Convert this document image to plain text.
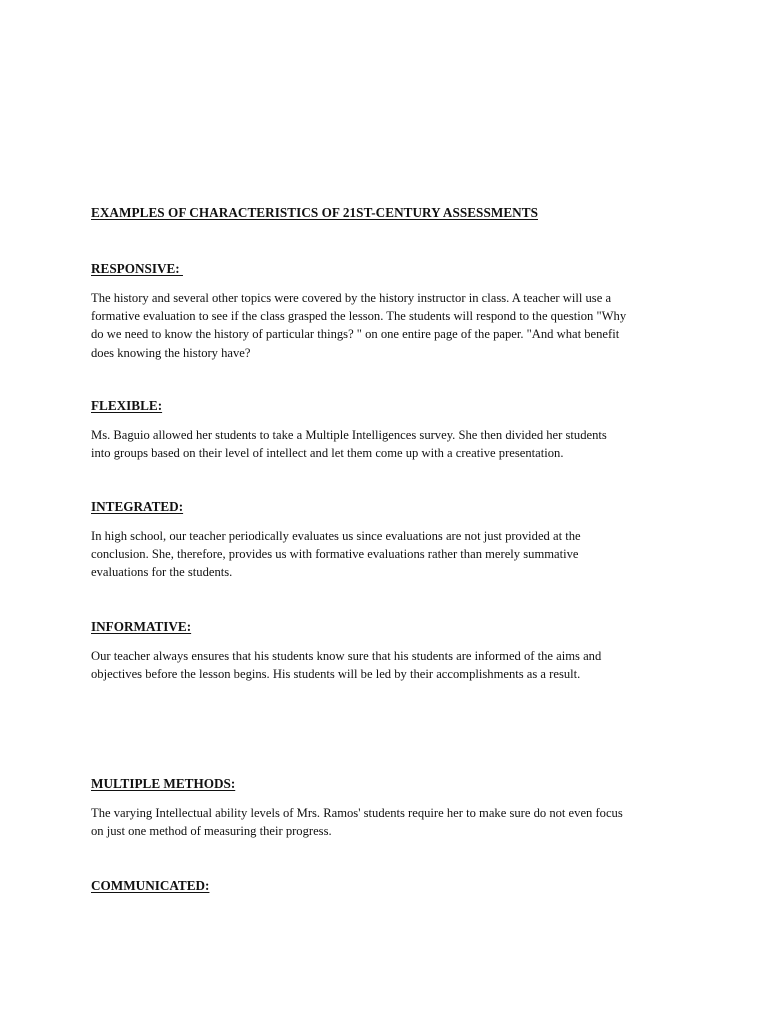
EXAMPLES OF CHARACTERISTICS OF 21ST-CENTURY ASSESSMENTS
RESPONSIVE:

The history and several other topics were covered by the history instructor in class. A teacher will use a
formative evaluation to see if the class grasped the lesson. The students will respond to the question "Why
do we need to know the history of particular things? " on one entire page of the paper. "And what benefit
does knowing the history have?

FLEXIBLE:

Ms. Baguio allowed her students to take a Multiple Intelligences survey. She then divided her students
into groups based on their level of intellect and let them come up with a creative presentation.

INTEGRATED:

In high school, our teacher periodically evaluates us since evaluations are not just provided at the
conclusion. She, therefore, provides us with formative evaluations rather than merely summative
evaluations for the students.

INFORMATIVE:

Our teacher always ensures that his students know sure that his students are informed of the aims and
objectives before the lesson begins. His students will be led by their accomplishments as a result.

MULTIPLE METHODS:

The varying Intellectual ability levels of Mrs. Ramos' students require her to make sure do not even focus
on just one method of measuring their progress.

COMMUNICATED:
